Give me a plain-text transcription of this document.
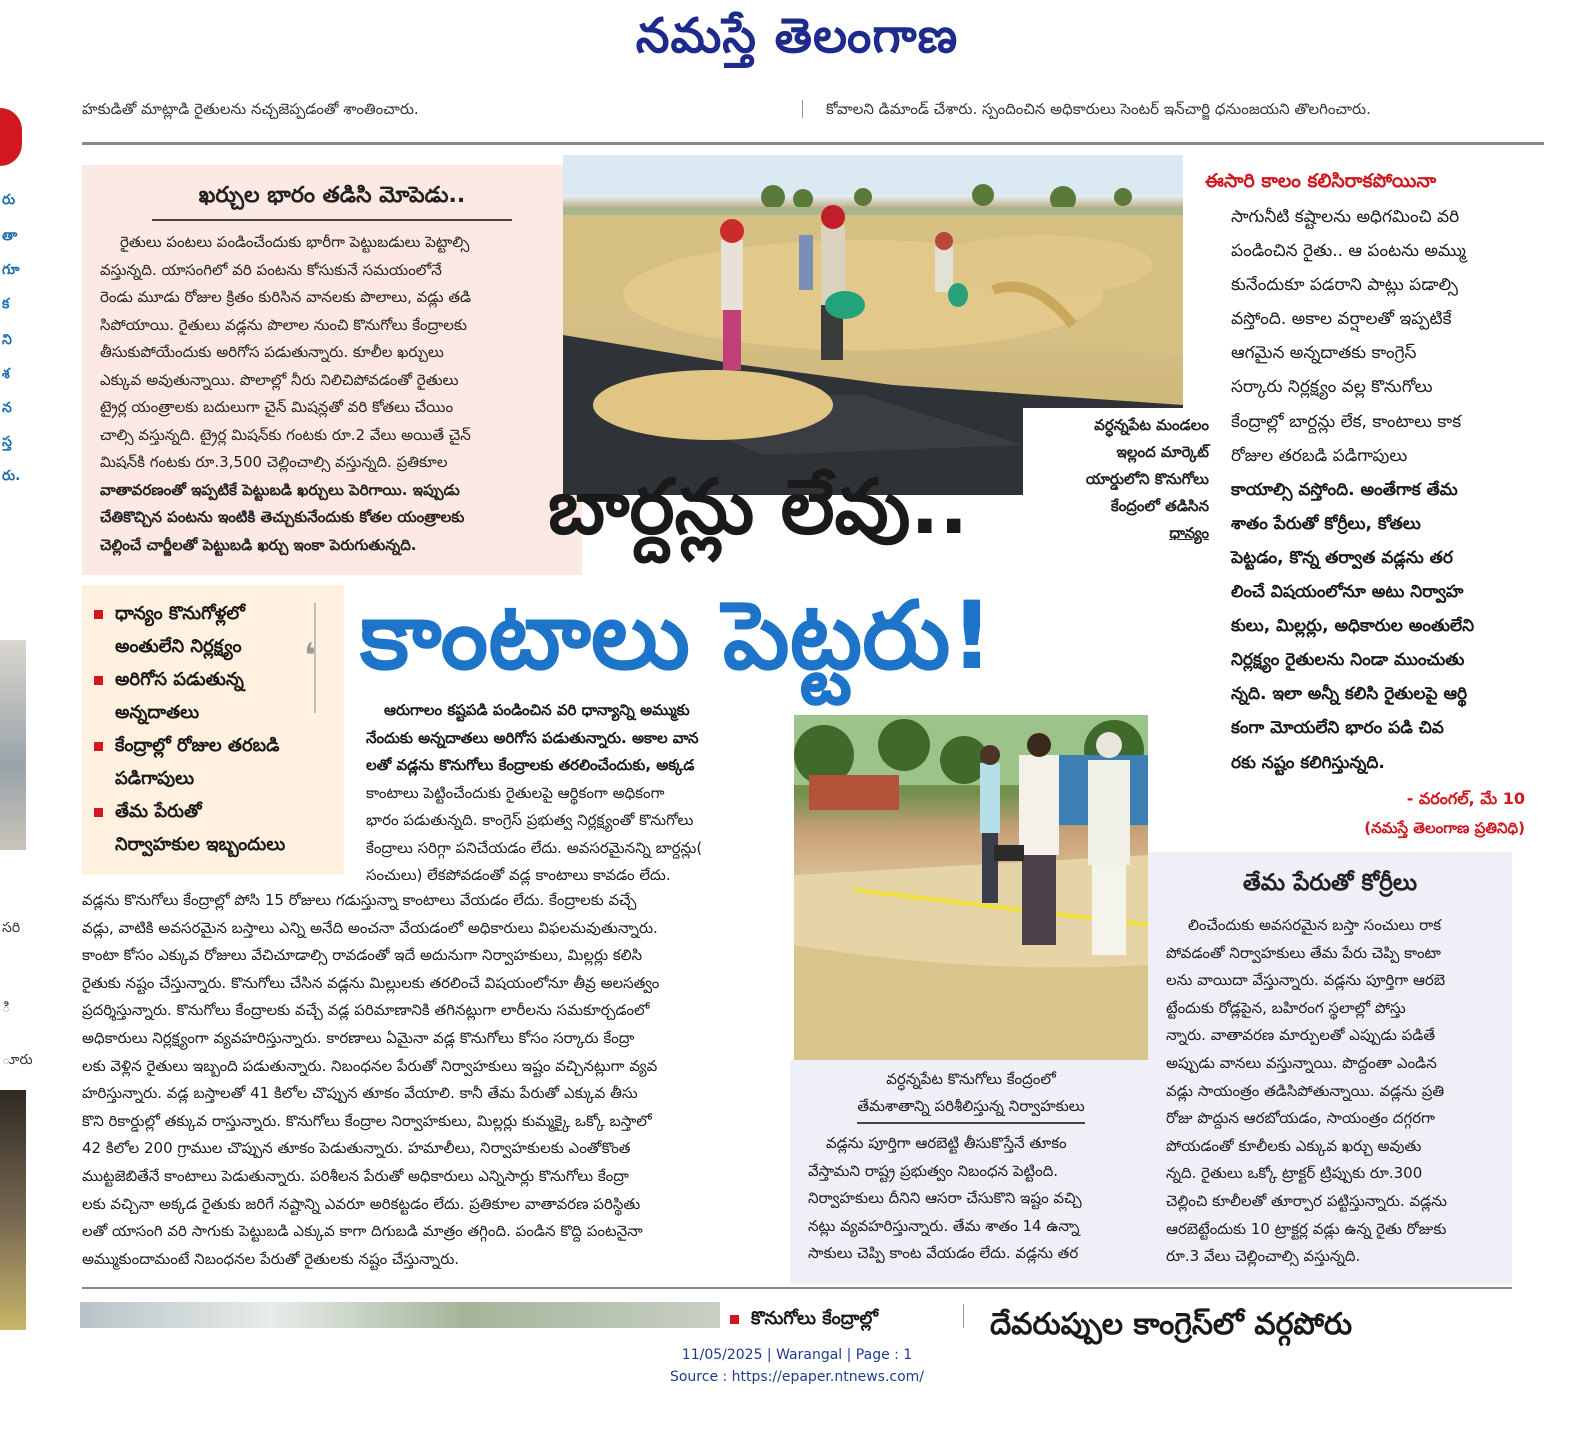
నమస్తే తెలంగాణ
హకుడితో మాట్లాడి రైతులను నచ్చజెప్పడంతో శాంతించారు.	కోవాలని డిమాండ్ చేశారు. స్పందించిన అధికారులు సెంటర్ ఇన్‌చార్జి ధనుంజయని తొలగించారు.
రు
తా
గూ
క
ని
శ
న
స్త
రు.
సరి
ి
ూరు
ఖర్చుల భారం తడిసి మోపెడు..
రైతులు పంటలు పండించేందుకు భారీగా పెట్టుబడులు పెట్టాల్సి
వస్తున్నది. యాసంగిలో వరి పంటను కోసుకునే సమయంలోనే
రెండు మూడు రోజుల క్రితం కురిసిన వానలకు పొలాలు, వడ్లు తడి
సిపోయాయి. రైతులు వడ్లను పొలాల నుంచి కొనుగోలు కేంద్రాలకు
తీసుకుపోయేందుకు అరిగోస పడుతున్నారు. కూలీల ఖర్చులు
ఎక్కువ అవుతున్నాయి. పొలాల్లో నీరు నిలిచిపోవడంతో రైతులు
ట్రైర్ల యంత్రాలకు బదులుగా చైన్ మిషన్లతో వరి కోతలు చేయిం
చాల్సి వస్తున్నది. ట్రైర్ల మిషన్‌కు గంటకు రూ.2 వేలు అయితే చైన్
మిషన్‌కి గంటకు రూ.3,500 చెల్లించాల్సి వస్తున్నది. ప్రతికూల
వాతావరణంతో ఇప్పటికే పెట్టుబడి ఖర్చులు పెరిగాయి. ఇప్పుడు
చేతికొచ్చిన పంటను ఇంటికి తెచ్చుకునేందుకు కోతల యంత్రాలకు
చెల్లించే చార్జీలతో పెట్టుబడి ఖర్చు ఇంకా పెరుగుతున్నది.
వర్ధన్నపేట మండలం
ఇల్లంద మార్కెట్
యార్డులోని కొనుగోలు
కేంద్రంలో తడిసిన
ధాన్యం
బార్దన్లు లేవు..
కాంటాలు పెట్టరు!
ధాన్యం కొనుగోళ్లలో
అంతులేని నిర్లక్ష్యం
అరిగోస పడుతున్న
అన్నదాతలు
కేంద్రాల్లో రోజుల తరబడి
పడిగాపులు
తేమ పేరుతో
నిర్వాహకుల ఇబ్బందులు
❛
ఈసారి కాలం కలిసిరాకపోయినా
సాగునీటి కష్టాలను అధిగమించి వరి
పండించిన రైతు.. ఆ పంటను అమ్ము
కునేందుకూ పడరాని పాట్లు పడాల్సి
వస్తోంది. అకాల వర్షాలతో ఇప్పటికే
ఆగమైన అన్నదాతకు కాంగ్రెస్
సర్కారు నిర్లక్ష్యం వల్ల కొనుగోలు
కేంద్రాల్లో బార్దన్లు లేక, కాంటాలు కాక
రోజుల తరబడి పడిగాపులు
కాయాల్సి వస్తోంది. అంతేగాక తేమ
శాతం పేరుతో కోర్రీలు, కోతలు
పెట్టడం, కొన్న తర్వాత వడ్లను తర
లించే విషయంలోనూ అటు నిర్వాహ
కులు, మిల్లర్లు, అధికారుల అంతులేని
నిర్లక్ష్యం రైతులను నిండా ముంచుతు
న్నది. ఇలా అన్నీ కలిసి రైతులపై ఆర్థి
కంగా మోయలేని భారం పడి చివ
రకు నష్టం కలిగిస్తున్నది.
- వరంగల్, మే 10
(నమస్తే తెలంగాణ ప్రతినిధి)
ఆరుగాలం కష్టపడి పండించిన వరి ధాన్యాన్ని అమ్ముకు
నేందుకు అన్నదాతలు అరిగోస పడుతున్నారు. అకాల వాన
లతో వడ్లను కొనుగోలు కేంద్రాలకు తరలించేందుకు, అక్కడ
కాంటాలు పెట్టించేందుకు రైతులపై ఆర్థికంగా అధికంగా
భారం పడుతున్నది. కాంగ్రెస్ ప్రభుత్వ నిర్లక్ష్యంతో కొనుగోలు
కేంద్రాలు సరిగ్గా పనిచేయడం లేదు. అవసరమైనన్ని బార్దన్లు(
సంచులు) లేకపోవడంతో వడ్ల కాంటాలు కావడం లేదు.
వడ్లను కొనుగోలు కేంద్రాల్లో పోసి 15 రోజులు గడుస్తున్నా కాంటాలు వేయడం లేదు. కేంద్రాలకు వచ్చే
వడ్లు, వాటికి అవసరమైన బస్తాలు ఎన్ని అనేది అంచనా వేయడంలో అధికారులు విఫలమవుతున్నారు.
కాంటా కోసం ఎక్కువ రోజులు వేచిచూడాల్సి రావడంతో ఇదే అదునుగా నిర్వాహకులు, మిల్లర్లు కలిసి
రైతుకు నష్టం చేస్తున్నారు. కొనుగోలు చేసిన వడ్లను మిల్లులకు తరలించే విషయంలోనూ తీవ్ర అలసత్వం
ప్రదర్శిస్తున్నారు. కొనుగోలు కేంద్రాలకు వచ్చే వడ్ల పరిమాణానికి తగినట్లుగా లారీలను సమకూర్చడంలో
అధికారులు నిర్లక్ష్యంగా వ్యవహరిస్తున్నారు. కారణాలు ఏమైనా వడ్ల కొనుగోలు కోసం సర్కారు కేంద్రా
లకు వెళ్లిన రైతులు ఇబ్బంది పడుతున్నారు. నిబంధనల పేరుతో నిర్వాహకులు ఇష్టం వచ్చినట్లుగా వ్యవ
హరిస్తున్నారు. వడ్ల బస్తాలతో 41 కిలోల చొప్పున తూకం వేయాలి. కానీ తేమ పేరుతో ఎక్కువ తీసు
కొని రికార్డుల్లో తక్కువ రాస్తున్నారు. కొనుగోలు కేంద్రాల నిర్వాహకులు, మిల్లర్లు కుమ్మక్కై ఒక్కో బస్తాలో
42 కిలోల 200 గ్రాముల చొప్పున తూకం పెడుతున్నారు. హమాలీలు, నిర్వాహకులకు ఎంతోకొంత
ముట్టజెబితేనే కాంటాలు పెడుతున్నారు. పరిశీలన పేరుతో అధికారులు ఎన్నిసార్లు కొనుగోలు కేంద్రా
లకు వచ్చినా అక్కడ రైతుకు జరిగే నష్టాన్ని ఎవరూ అరికట్టడం లేదు. ప్రతికూల వాతావరణ పరిస్థితు
లతో యాసంగి వరి సాగుకు పెట్టుబడి ఎక్కువ కాగా దిగుబడి మాత్రం తగ్గింది. పండిన కొద్ది పంటనైనా
అమ్ముకుందామంటే నిబంధనల పేరుతో రైతులకు నష్టం చేస్తున్నారు.
వర్ధన్నపేట కొనుగోలు కేంద్రంలో
తేమశాతాన్ని పరిశీలిస్తున్న నిర్వాహకులు
వడ్లను పూర్తిగా ఆరబెట్టి తీసుకొస్తేనే తూకం
వేస్తామని రాష్ట్ర ప్రభుత్వం నిబంధన పెట్టింది.
నిర్వాహకులు దీనిని ఆసరా చేసుకొని ఇష్టం వచ్చి
నట్లు వ్యవహరిస్తున్నారు. తేమ శాతం 14 ఉన్నా
సాకులు చెప్పి కాంట వేయడం లేదు. వడ్లను తర
తేమ పేరుతో కోర్రీలు
లించేందుకు అవసరమైన బస్తా సంచులు రాక
పోవడంతో నిర్వాహకులు తేమ పేరు చెప్పి కాంటా
లను వాయిదా వేస్తున్నారు. వడ్లను పూర్తిగా ఆరబె
ట్టేందుకు రోడ్లపైన, బహిరంగ స్థలాల్లో పోస్తు
న్నారు. వాతావరణ మార్పులతో ఎప్పుడు పడితే
అప్పుడు వానలు వస్తున్నాయి. పొద్దంతా ఎండిన
వడ్లు సాయంత్రం తడిసిపోతున్నాయి. వడ్లను ప్రతి
రోజు పొద్దున ఆరబోయడం, సాయంత్రం దగ్గరగా
పోయడంతో కూలీలకు ఎక్కువ ఖర్చు అవుతు
న్నది. రైతులు ఒక్కో ట్రాక్టర్ ట్రిప్పుకు రూ.300
చెల్లించి కూలీలతో తూర్పార పట్టిస్తున్నారు. వడ్లను
ఆరబెట్టేందుకు 10 ట్రాక్టర్ల వడ్లు ఉన్న రైతు రోజుకు
రూ.3 వేలు చెల్లించాల్సి వస్తున్నది.
కొనుగోలు కేంద్రాల్లో	దేవరుప్పుల కాంగ్రెస్‌లో వర్గపోరు
11/05/2025 | Warangal | Page : 1
Source : https://epaper.ntnews.com/
